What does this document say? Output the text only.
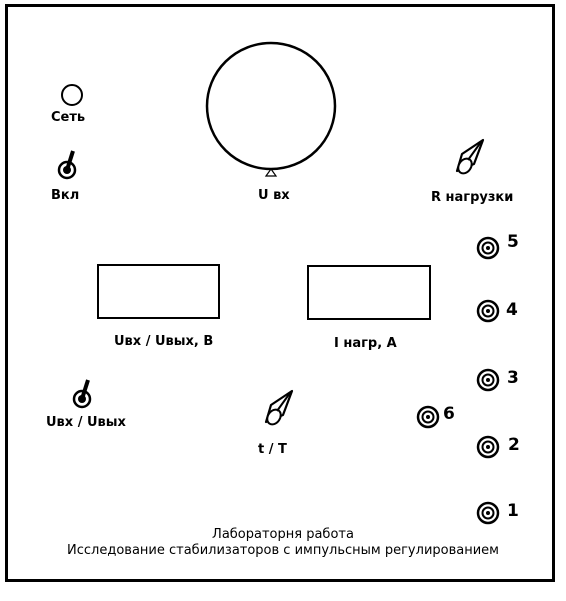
Сеть
Вкл	U вх	R нагрузки
Uвх / Uвых, В	I нагр, А
Uвх / Uвых
t / T
5
4
3
2
1
6
Лабораторня работа
Исследование стабилизаторов с импульсным регулированием
